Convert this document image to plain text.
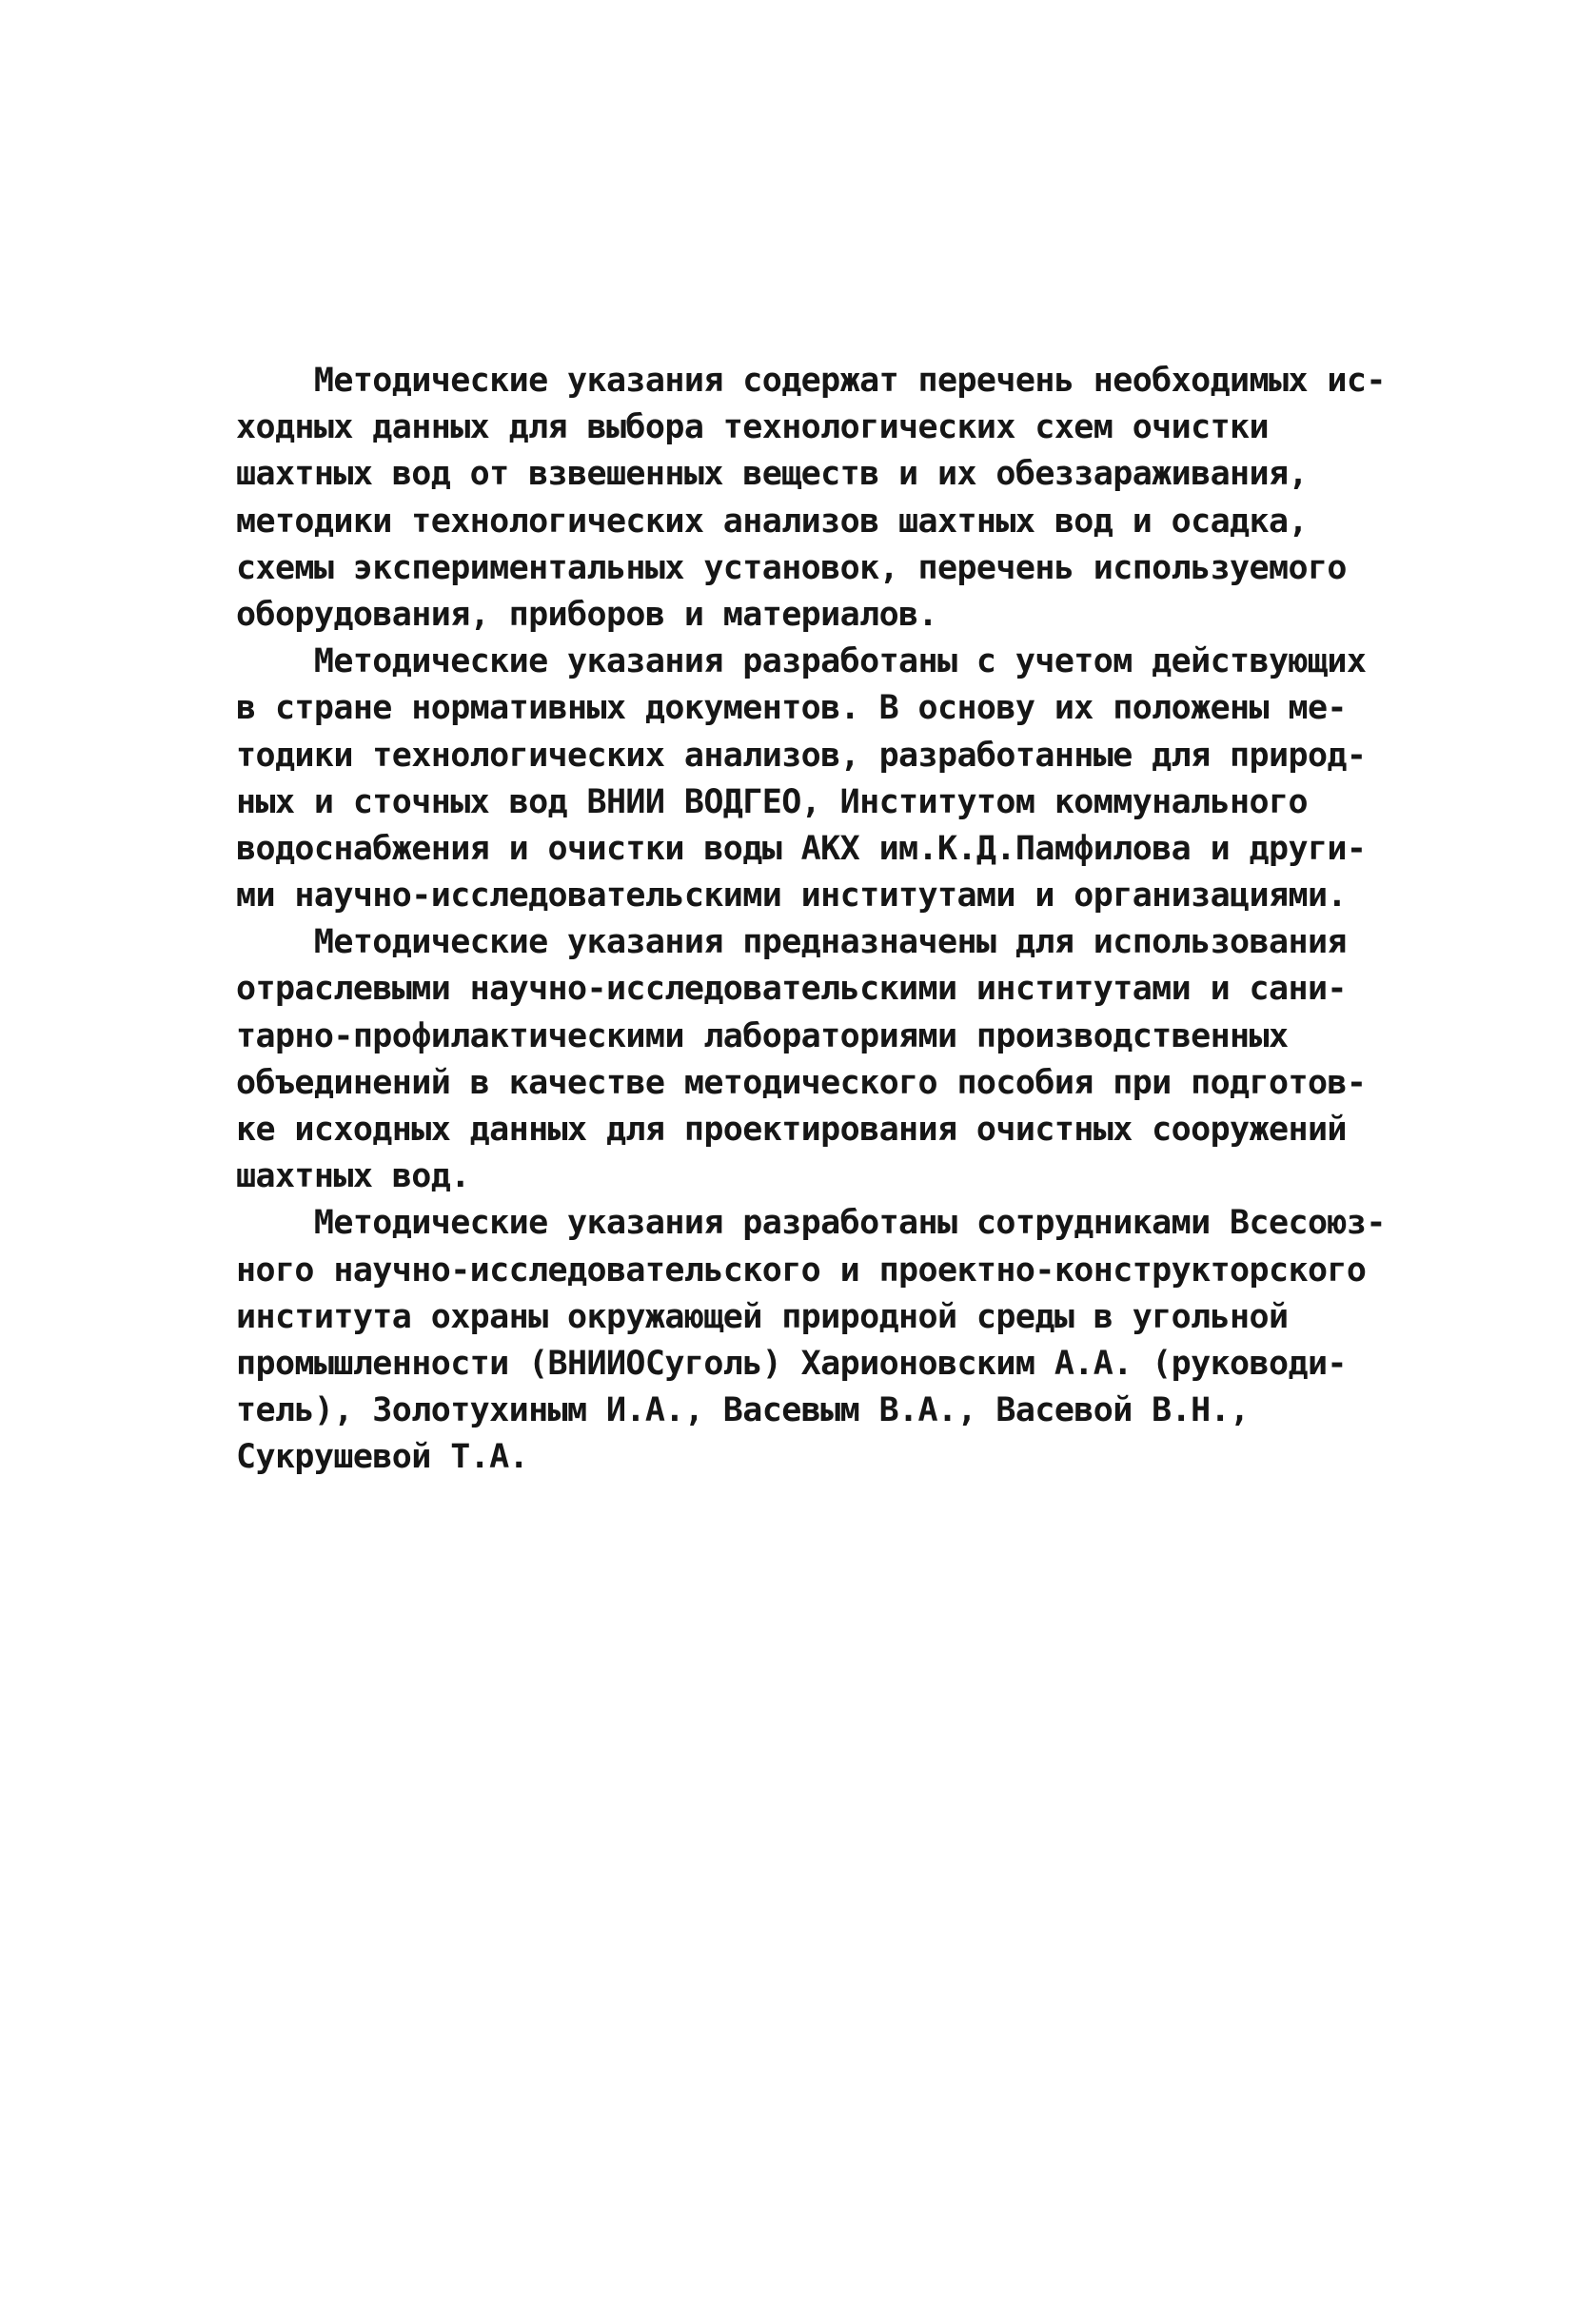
Методические указания содержат перечень необходимых ис-
ходных данных для выбора технологических схем очистки
шахтных вод от взвешенных веществ и их обеззараживания,
методики технологических анализов шахтных вод и осадка,
схемы экспериментальных установок, перечень используемого
оборудования, приборов и материалов.
Методические указания разработаны с учетом действующих
в стране нормативных документов. В основу их положены ме-
тодики технологических анализов, разработанные для природ-
ных и сточных вод ВНИИ ВОДГЕО, Институтом коммунального
водоснабжения и очистки воды АКХ им.К.Д.Памфилова и други-
ми научно-исследовательскими институтами и организациями.
Методические указания предназначены для использования
отраслевыми научно-исследовательскими институтами и сани-
тарно-профилактическими лабораториями производственных
объединений в качестве методического пособия при подготов-
ке исходных данных для проектирования очистных сооружений
шахтных вод.
Методические указания разработаны сотрудниками Всесоюз-
ного научно-исследовательского и проектно-конструкторского
института охраны окружающей природной среды в угольной
промышленности (ВНИИОСуголь) Харионовским А.А. (руководи-
тель), Золотухиным И.А., Васевым В.А., Васевой В.Н.,
Сукрушевой Т.А.
